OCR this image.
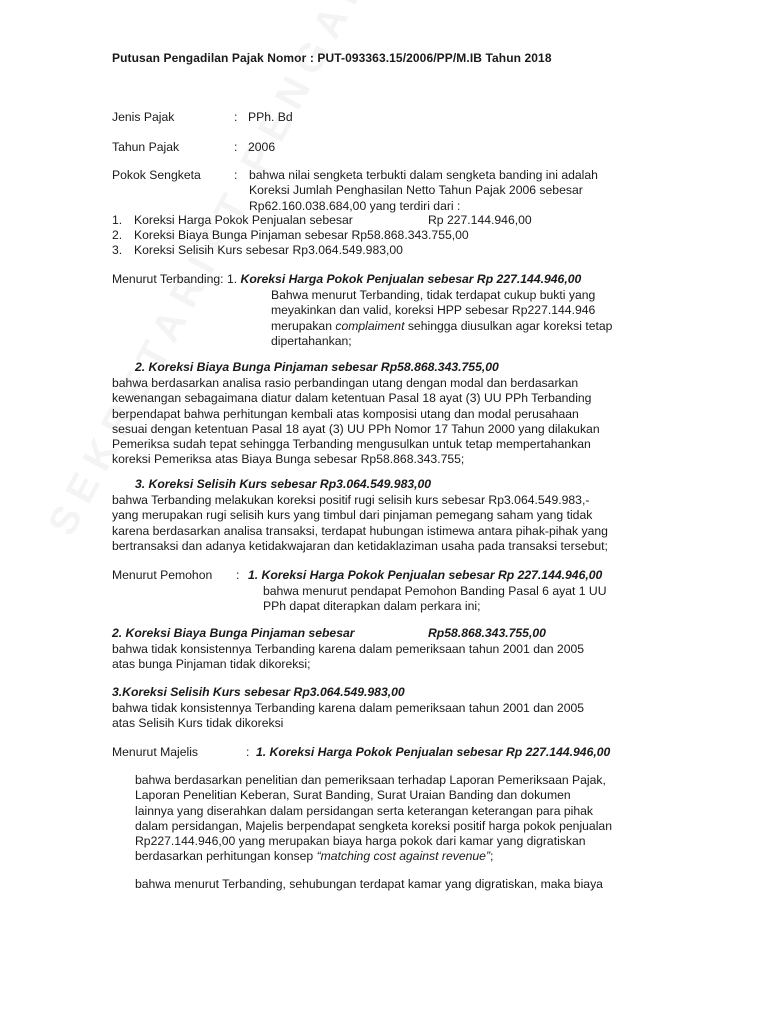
Putusan Pengadilan Pajak Nomor : PUT-093363.15/2006/PP/M.IB Tahun 2018
Jenis Pajak	: PPh. Bd
Tahun Pajak	: 2006
Pokok Sengketa	: bahwa nilai sengketa terbukti dalam sengketa banding ini adalah
Koreksi Jumlah Penghasilan Netto Tahun Pajak 2006 sebesar
Rp62.160.038.684,00 yang terdiri dari :
1. Koreksi Harga Pokok Penjualan sebesar	Rp 227.144.946,00
2. Koreksi Biaya Bunga Pinjaman sebesar Rp58.868.343.755,00
3. Koreksi Selisih Kurs sebesar Rp3.064.549.983,00
Menurut Terbanding: 1. Koreksi Harga Pokok Penjualan sebesar Rp 227.144.946,00
Bahwa menurut Terbanding, tidak terdapat cukup bukti yang
meyakinkan dan valid, koreksi HPP sebesar Rp227.144.946
merupakan complaiment sehingga diusulkan agar koreksi tetap
dipertahankan;
2. Koreksi Biaya Bunga Pinjaman sebesar Rp58.868.343.755,00
bahwa berdasarkan analisa rasio perbandingan utang dengan modal dan berdasarkan
kewenangan sebagaimana diatur dalam ketentuan Pasal 18 ayat (3) UU PPh Terbanding
berpendapat bahwa perhitungan kembali atas komposisi utang dan modal perusahaan
sesuai dengan ketentuan Pasal 18 ayat (3) UU PPh Nomor 17 Tahun 2000 yang dilakukan
Pemeriksa sudah tepat sehingga Terbanding mengusulkan untuk tetap mempertahankan
koreksi Pemeriksa atas Biaya Bunga sebesar Rp58.868.343.755;
3. Koreksi Selisih Kurs sebesar Rp3.064.549.983,00
bahwa Terbanding melakukan koreksi positif rugi selisih kurs sebesar Rp3.064.549.983,-
yang merupakan rugi selisih kurs yang timbul dari pinjaman pemegang saham yang tidak
karena berdasarkan analisa transaksi, terdapat hubungan istimewa antara pihak-pihak yang
bertransaksi dan adanya ketidakwajaran dan ketidaklaziman usaha pada transaksi tersebut;
Menurut Pemohon : 1. Koreksi Harga Pokok Penjualan sebesar Rp 227.144.946,00
bahwa menurut pendapat Pemohon Banding Pasal 6 ayat 1 UU
PPh dapat diterapkan dalam perkara ini;
2. Koreksi Biaya Bunga Pinjaman sebesar	Rp58.868.343.755,00
bahwa tidak konsistennya Terbanding karena dalam pemeriksaan tahun 2001 dan 2005
atas bunga Pinjaman tidak dikoreksi;
3.Koreksi Selisih Kurs sebesar Rp3.064.549.983,00
bahwa tidak konsistennya Terbanding karena dalam pemeriksaan tahun 2001 dan 2005
atas Selisih Kurs tidak dikoreksi
Menurut Majelis	: 1. Koreksi Harga Pokok Penjualan sebesar Rp 227.144.946,00
bahwa berdasarkan penelitian dan pemeriksaan terhadap Laporan Pemeriksaan Pajak,
Laporan Penelitian Keberan, Surat Banding, Surat Uraian Banding dan dokumen
lainnya yang diserahkan dalam persidangan serta keterangan keterangan para pihak
dalam persidangan, Majelis berpendapat sengketa koreksi positif harga pokok penjualan
Rp227.144.946,00 yang merupakan biaya harga pokok dari kamar yang digratiskan
berdasarkan perhitungan konsep “matching cost against revenue”;
bahwa menurut Terbanding, sehubungan terdapat kamar yang digratiskan, maka biaya
